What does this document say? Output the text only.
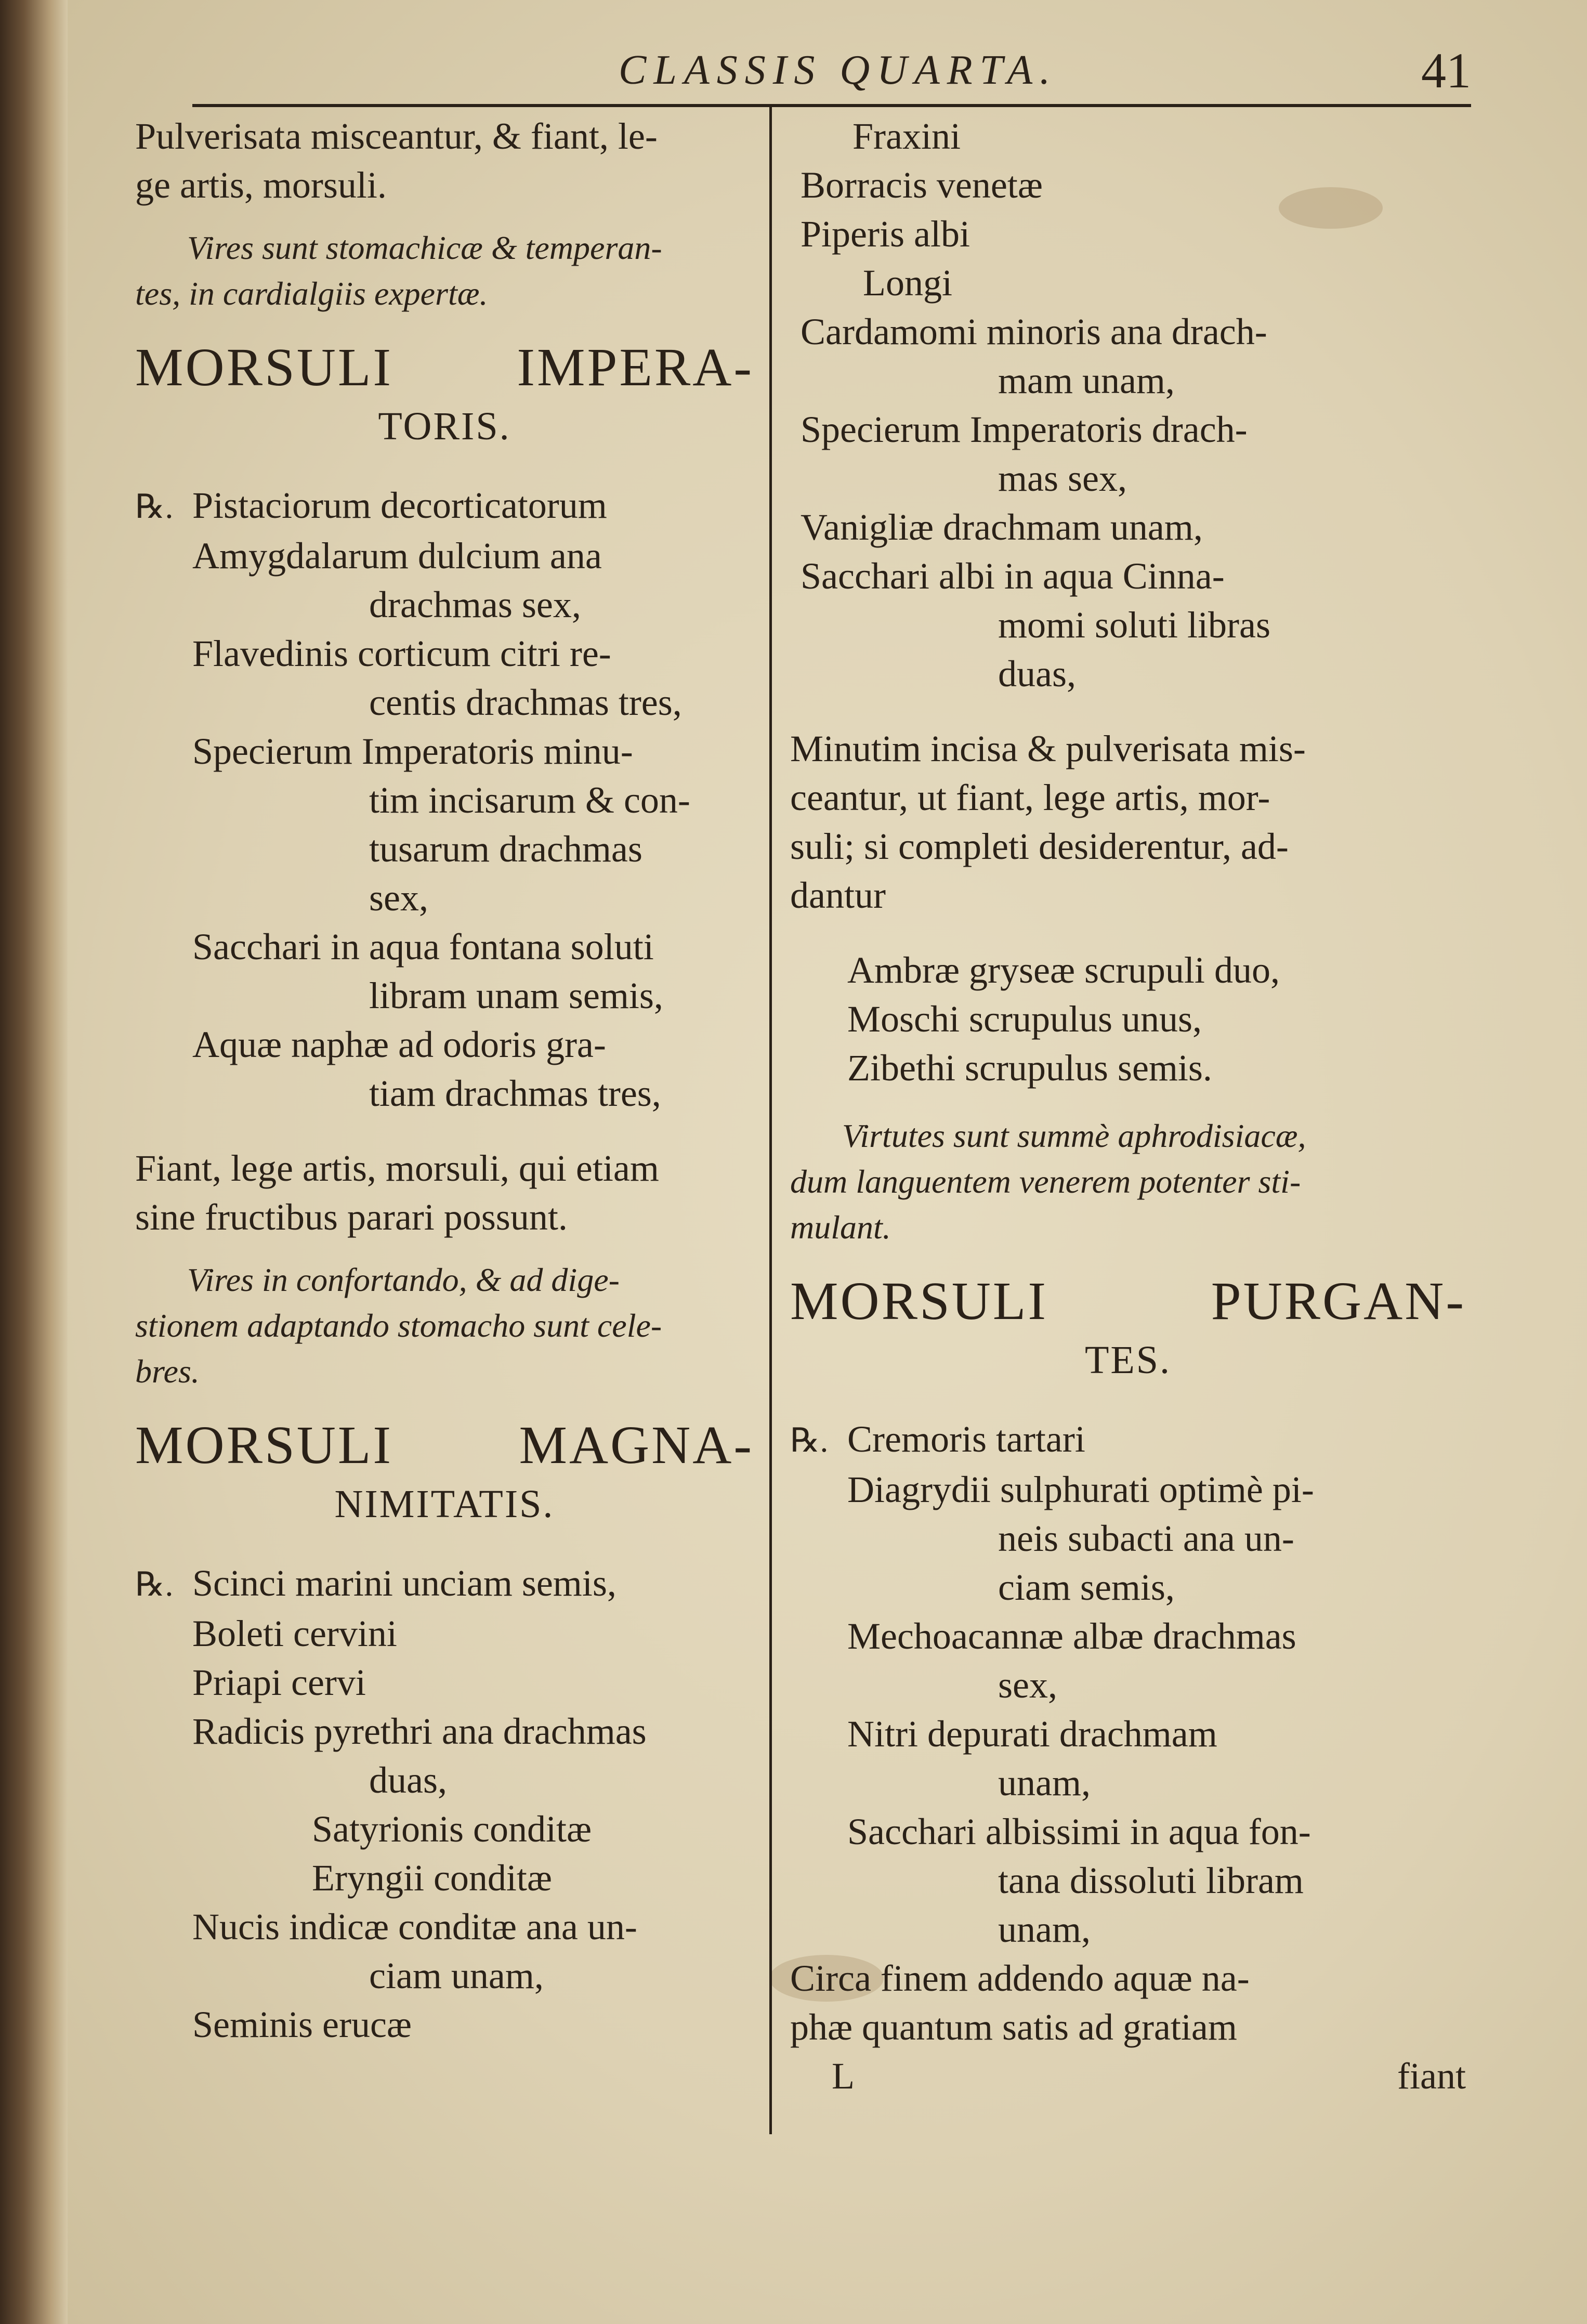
CLASSIS QUARTA.	41

Pulverisata misceantur, & fiant, le-

ge artis, morsuli.

Vires sunt stomachicæ & temperan-
tes, in cardialgiis expertæ.
MORSULI IMPERA-
TORIS.

℞. Pistaciorum decorticatorum

Amygdalarum dulcium ana

drachmas sex,

Flavedinis corticum citri re-

centis drachmas tres,

Specierum Imperatoris minu-

tim incisarum & con-

tusarum drachmas

sex,

Sacchari in aqua fontana soluti

libram unam semis,

Aquæ naphæ ad odoris gra-

tiam drachmas tres,

Fiant, lege artis, morsuli, qui etiam

sine fructibus parari possunt.

Vires in confortando, & ad dige-
stionem adaptando stomacho sunt cele-
bres.
MORSULI MAGNA-
NIMITATIS.

℞. Scinci marini unciam semis,

Boleti cervini

Priapi cervi

Radicis pyrethri ana drachmas

duas,

Satyrionis conditæ

Eryngii conditæ

Nucis indicæ conditæ ana un-

ciam unam,

Seminis erucæ

Fraxini

Borracis venetæ

Piperis albi

Longi

Cardamomi minoris ana drach-

mam unam,

Specierum Imperatoris drach-

mas sex,

Vanigliæ drachmam unam,

Sacchari albi in aqua Cinna-

momi soluti libras

duas,

Minutim incisa & pulverisata mis-

ceantur, ut fiant, lege artis, mor-

suli; si completi desiderentur, ad-

dantur

Ambræ gryseæ scrupuli duo,

Moschi scrupulus unus,

Zibethi scrupulus semis.

Virtutes sunt summè aphrodisiacæ,
dum languentem venerem potenter sti-
mulant.
MORSULI PURGAN-
TES.

℞. Cremoris tartari

Diagrydii sulphurati optimè pi-

neis subacti ana un-

ciam semis,

Mechoacannæ albæ drachmas

sex,

Nitri depurati drachmam

unam,

Sacchari albissimi in aqua fon-

tana dissoluti libram

unam,

Circa finem addendo aquæ na-

phæ quantum satis ad gratiam

L	fiant
